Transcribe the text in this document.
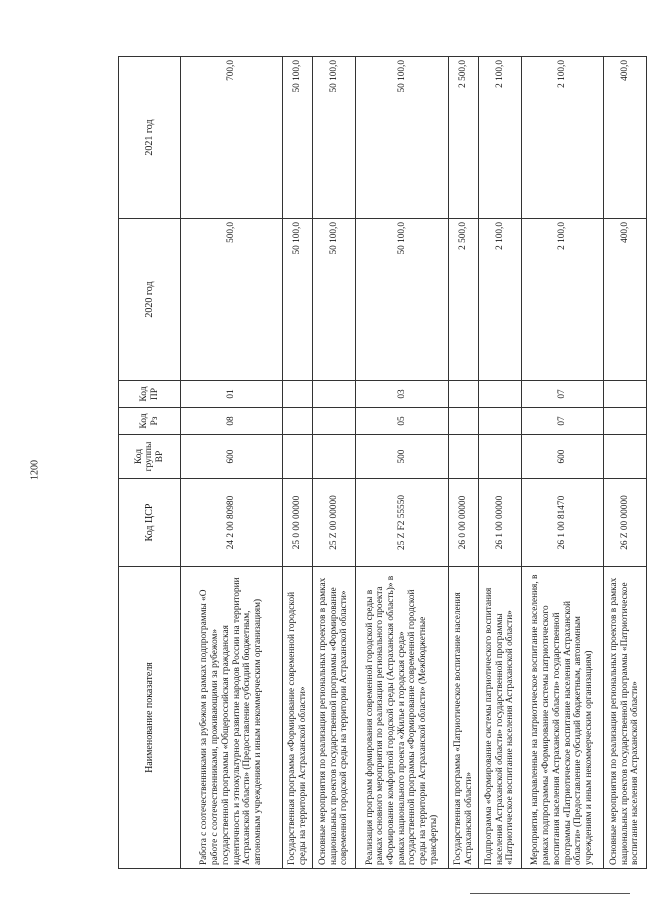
1200
Наименование показателя	Код ЦСР	Код группы ВР	Код Рз	Код ПР	2020 год	2021 год
Работа с соотечественниками за рубежом в рамках подпрограммы «О работе с соотечественниками, проживающими за рубежом» государственной программы «Общероссийская гражданская идентичность и этнокультурное развитие народов России на территории Астраханской области» (Предоставление субсидий бюджетным, автономным учреждениям и иным некоммерческим организациям)	24 2 00 80980	600	08	01	500,0	700,0
Государственная программа «Формирование современной городской среды на территории Астраханской области»	25 0 00 00000				50 100,0	50 100,0
Основные мероприятия по реализации региональных проектов в рамках национальных проектов государственной программы «Формирование современной городской среды на территории Астраханской области»	25 Z 00 00000				50 100,0	50 100,0
Реализация программ формирования современной городской среды в рамках основного мероприятия по реализации регионального проекта «Формирование комфортной городской среды (Астраханская область)» в рамках национального проекта «Жилье и городская среда» государственной программы «Формирование современной городской среды на территории Астраханской области» (Межбюджетные трансферты)	25 Z F2 55550	500	05	03	50 100,0	50 100,0
Государственная программа «Патриотическое воспитание населения Астраханской области»	26 0 00 00000				2 500,0	2 500,0
Подпрограмма «Формирование системы патриотического воспитания населения Астраханской области» государственной программы «Патриотическое воспитание населения Астраханской области»	26 1 00 00000				2 100,0	2 100,0
Мероприятия, направленные на патриотическое воспитание населения, в рамках подпрограммы «Формирование системы патриотического воспитания населения Астраханской области» государственной программы «Патриотическое воспитание населения Астраханской области» (Предоставление субсидий бюджетным, автономным учреждениям и иным некоммерческим организациям)	26 1 00 81470	600	07	07	2 100,0	2 100,0
Основные мероприятия по реализации региональных проектов в рамках национальных проектов государственной программы «Патриотическое воспитание населения Астраханской области»	26 Z 00 00000				400,0	400,0
